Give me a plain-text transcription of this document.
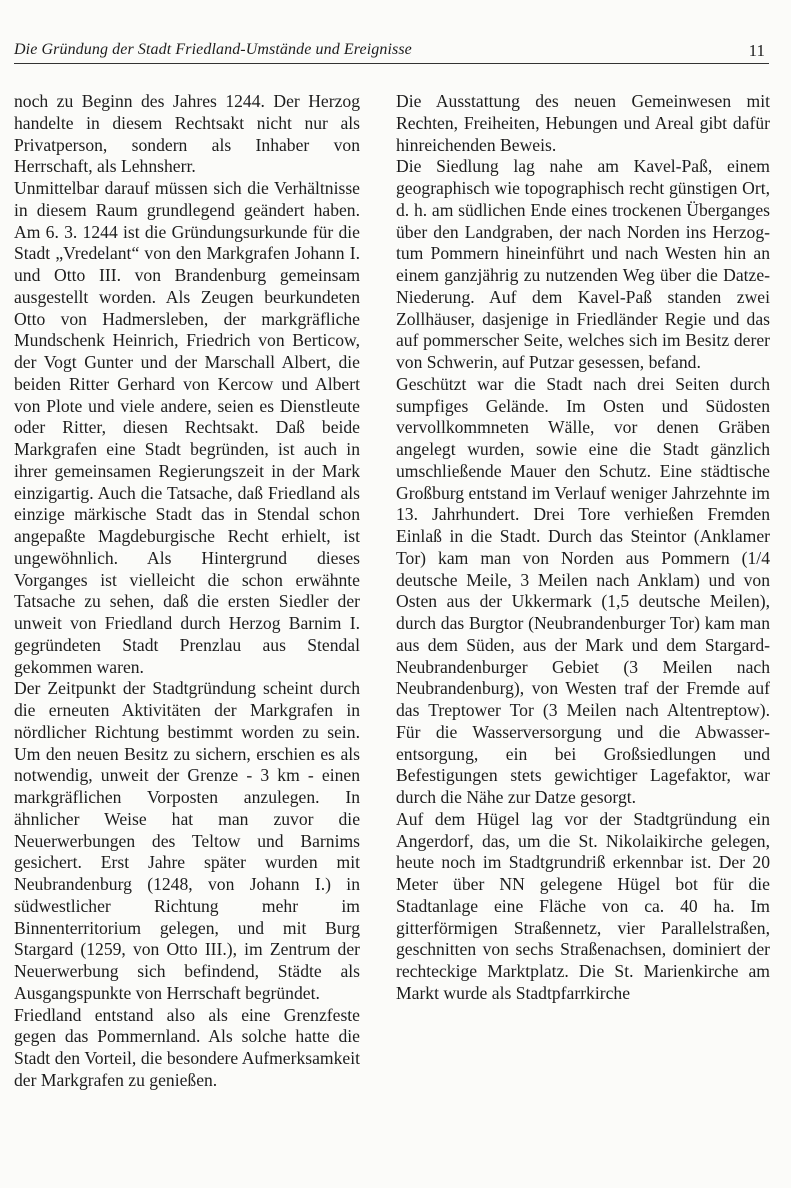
Die Gründung der Stadt Friedland-Umstände und Ereignisse	11

noch zu Beginn des Jahres 1244. Der Herzog handelte in diesem Rechtsakt nicht nur als Privatperson, sondern als Inhaber von Herrschaft, als Lehnsherr.

Unmittelbar darauf müssen sich die Verhältnisse in diesem Raum grundlegend geändert haben. Am 6. 3. 1244 ist die Gründungsurkunde für die Stadt „Vredelant“ von den Markgrafen Johann I. und Otto III. von Brandenburg gemeinsam ausgestellt worden. Als Zeugen beurkundeten Otto von Hadmersleben, der markgräfliche Mundschenk Heinrich, Friedrich von Berticow, der Vogt Gunter und der Marschall Albert, die beiden Ritter Gerhard von Kercow und Albert von Plote und viele andere, seien es Dienstleute oder Ritter, diesen Rechtsakt. Daß beide Markgrafen eine Stadt begründen, ist auch in ihrer gemeinsamen Regierungszeit in der Mark einzigartig. Auch die Tatsache, daß Friedland als einzige märkische Stadt das in Stendal schon angepaßte Magdeburgische Recht erhielt, ist ungewöhnlich. Als Hintergrund dieses Vorganges ist vielleicht die schon erwähnte Tatsache zu sehen, daß die ersten Siedler der unweit von Friedland durch Herzog Barnim I. gegründeten Stadt Prenzlau aus Stendal gekommen waren.

Der Zeitpunkt der Stadtgründung scheint durch die erneuten Aktivitäten der Markgrafen in nördlicher Richtung bestimmt worden zu sein. Um den neuen Besitz zu sichern, erschien es als notwendig, unweit der Grenze - 3 km - einen markgräflichen Vorposten anzulegen. In ähnlicher Weise hat man zuvor die Neuerwerbungen des Teltow und Barnims gesichert. Erst Jahre später wurden mit Neubrandenburg (1248, von Johann I.) in südwestlicher Richtung mehr im Binnenterritorium gelegen, und mit Burg Stargard (1259, von Otto III.), im Zentrum der Neuerwerbung sich befindend, Städte als Ausgangspunkte von Herrschaft begründet.

Friedland entstand also als eine Grenzfeste gegen das Pommernland. Als solche hatte die Stadt den Vorteil, die besondere Aufmerksamkeit der Markgrafen zu genießen.

Die Ausstattung des neuen Gemeinwesen mit Rechten, Freiheiten, Hebungen und Areal gibt dafür hinreichenden Beweis.

Die Siedlung lag nahe am Kavel-Paß, einem geographisch wie topographisch recht günstigen Ort, d. h. am südlichen Ende eines trockenen Überganges über den Landgraben, der nach Norden ins Herzogtum Pommern hineinführt und nach Westen hin an einem ganzjährig zu nutzenden Weg über die Datze-Niederung. Auf dem Kavel-Paß standen zwei Zollhäuser, dasjenige in Friedländer Regie und das auf pommerscher Seite, welches sich im Besitz derer von Schwerin, auf Putzar gesessen, befand.

Geschützt war die Stadt nach drei Seiten durch sumpfiges Gelände. Im Osten und Südosten vervollkommneten Wälle, vor denen Gräben angelegt wurden, sowie eine die Stadt gänzlich umschließende Mauer den Schutz. Eine städtische Großburg entstand im Verlauf weniger Jahrzehnte im 13. Jahrhundert. Drei Tore verhießen Fremden Einlaß in die Stadt. Durch das Steintor (Anklamer Tor) kam man von Norden aus Pommern (1/4 deutsche Meile, 3 Meilen nach Anklam) und von Osten aus der Ukkermark (1,5 deutsche Meilen), durch das Burgtor (Neubrandenburger Tor) kam man aus dem Süden, aus der Mark und dem Stargard-Neubrandenburger Gebiet (3 Meilen nach Neubrandenburg), von Westen traf der Fremde auf das Treptower Tor (3 Meilen nach Altentreptow). Für die Wasserversorgung und die Abwasserentsorgung, ein bei Großsiedlungen und Befestigungen stets gewichtiger Lagefaktor, war durch die Nähe zur Datze gesorgt.

Auf dem Hügel lag vor der Stadtgründung ein Angerdorf, das, um die St. Nikolaikirche gelegen, heute noch im Stadtgrundriß erkennbar ist. Der 20 Meter über NN gelegene Hügel bot für die Stadtanlage eine Fläche von ca. 40 ha. Im gitterförmigen Straßennetz, vier Parallelstraßen, geschnitten von sechs Straßenachsen, dominiert der rechteckige Marktplatz. Die St. Marienkirche am Markt wurde als Stadtpfarrkirche
